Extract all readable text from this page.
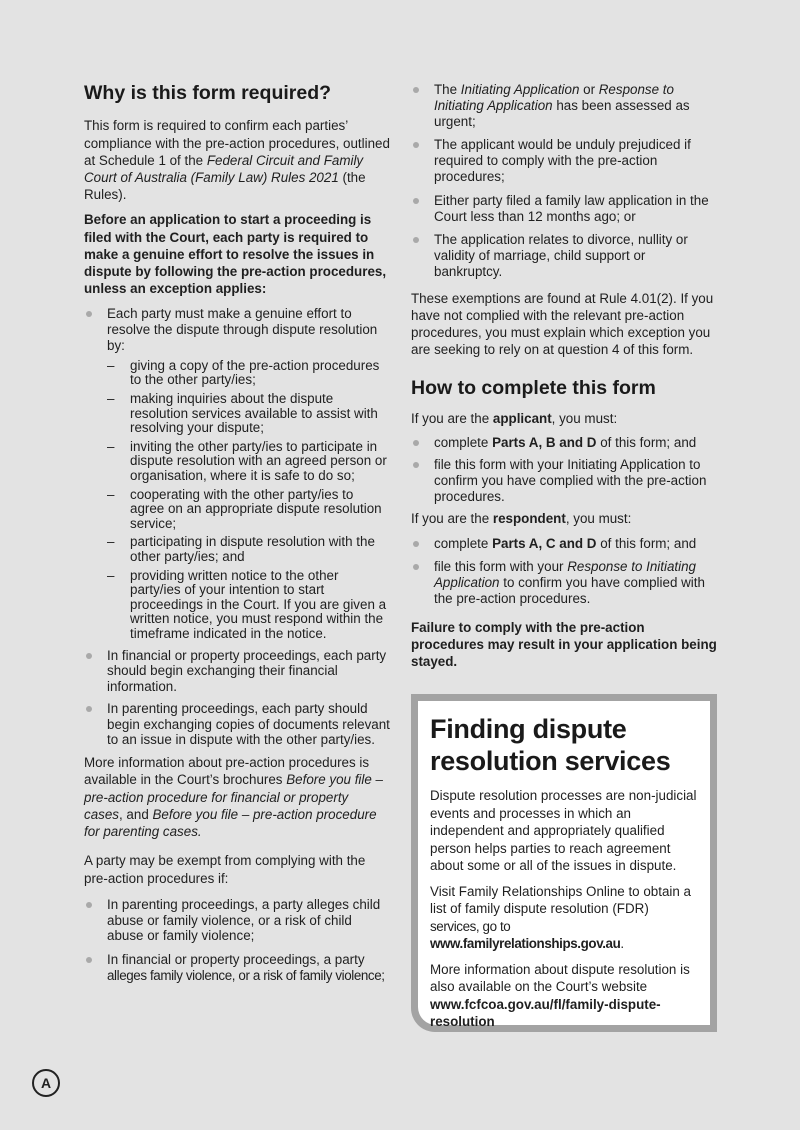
Why is this form required?

This form is required to confirm each parties’ compliance with the pre-action procedures, outlined at Schedule 1 of the Federal Circuit and Family Court of Australia (Family Law) Rules 2021 (the Rules).

Before an application to start a proceeding is filed with the Court, each party is required to make a genuine effort to resolve the issues in dispute by following the pre-action procedures, unless an exception applies:

Each party must make a genuine effort to resolve the dispute through dispute resolution by:
– giving a copy of the pre-action procedures to the other party/ies;
– making inquiries about the dispute resolution services available to assist with resolving your dispute;
– inviting the other party/ies to participate in dispute resolution with an agreed person or organisation, where it is safe to do so;
– cooperating with the other party/ies to agree on an appropriate dispute resolution service;
– participating in dispute resolution with the other party/ies; and
– providing written notice to the other party/ies of your intention to start proceedings in the Court. If you are given a written notice, you must respond within the timeframe indicated in the notice.
In financial or property proceedings, each party should begin exchanging their financial information.
In parenting proceedings, each party should begin exchanging copies of documents relevant to an issue in dispute with the other party/ies.

More information about pre-action procedures is available in the Court’s brochures Before you file – pre-action procedure for financial or property cases, and Before you file – pre-action procedure for parenting cases.

A party may be exempt from complying with the pre-action procedures if:

In parenting proceedings, a party alleges child abuse or family violence, or a risk of child abuse or family violence;
In financial or property proceedings, a party alleges family violence, or a risk of family violence;
The Initiating Application or Response to Initiating Application has been assessed as urgent;
The applicant would be unduly prejudiced if required to comply with the pre-action procedures;
Either party filed a family law application in the Court less than 12 months ago; or
The application relates to divorce, nullity or validity of marriage, child support or bankruptcy.

These exemptions are found at Rule 4.01(2). If you have not complied with the relevant pre-action procedures, you must explain which exception you are seeking to rely on at question 4 of this form.

How to complete this form

If you are the applicant, you must:

complete Parts A, B and D of this form; and
file this form with your Initiating Application to confirm you have complied with the pre-action procedures.

If you are the respondent, you must:

complete Parts A, C and D of this form; and
file this form with your Response to Initiating Application to confirm you have complied with the pre-action procedures.

Failure to comply with the pre-action procedures may result in your application being stayed.

Finding dispute resolution services

Dispute resolution processes are non-judicial events and processes in which an independent and appropriately qualified person helps parties to reach agreement about some or all of the issues in dispute.

Visit Family Relationships Online to obtain a list of family dispute resolution (FDR) services, go to www.familyrelationships.gov.au.

More information about dispute resolution is also available on the Court’s website www.fcfcoa.gov.au/fl/family-dispute-resolution

A
